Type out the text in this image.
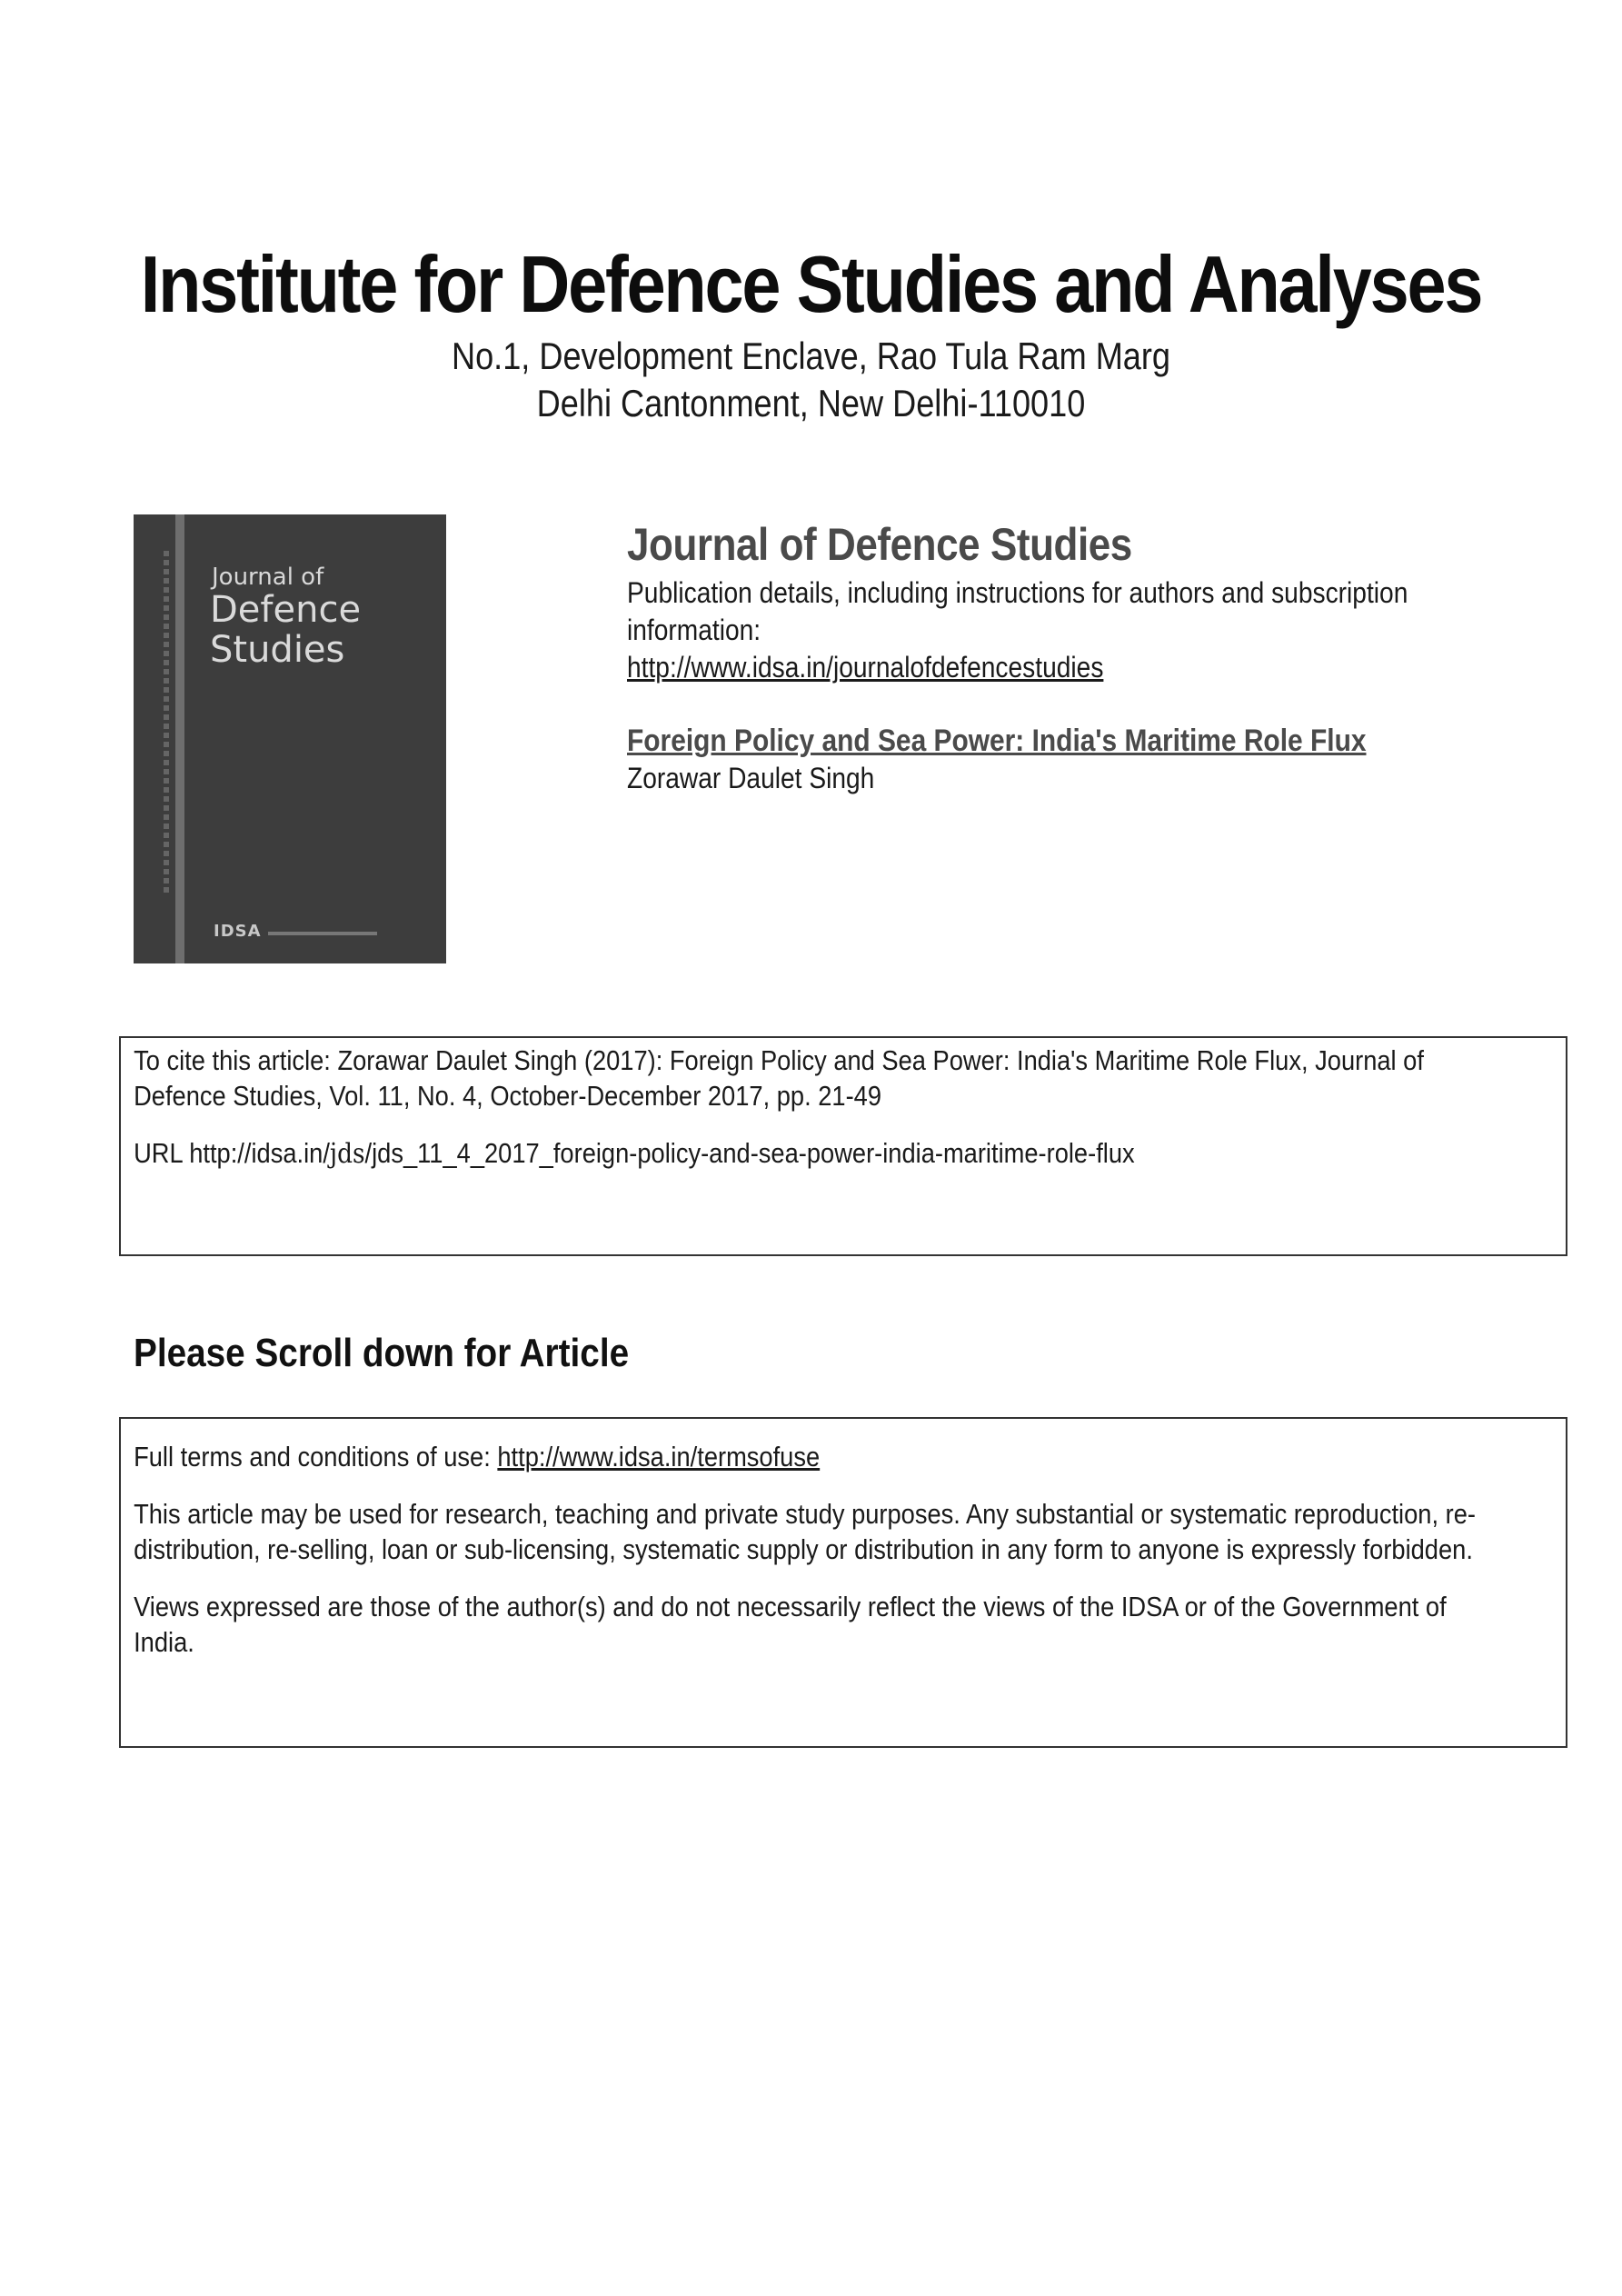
Institute for Defence Studies and Analyses
No.1, Development Enclave, Rao Tula Ram Marg
Delhi Cantonment, New Delhi-110010
Journal of
Defence
Studies
IDSA
Journal of Defence Studies
Publication details, including instructions for authors and subscription
information:
http://www.idsa.in/journalofdefencestudies
Foreign Policy and Sea Power: India's Maritime Role Flux
Zorawar Daulet Singh
To cite this article: Zorawar Daulet Singh (2017): Foreign Policy and Sea Power: India's Maritime Role Flux, Journal of
Defence Studies, Vol. 11, No. 4, October-December 2017, pp. 21-49
URL http://idsa.in/jds/jds_11_4_2017_foreign-policy-and-sea-power-india-maritime-role-flux
Please Scroll down for Article
Full terms and conditions of use: http://www.idsa.in/termsofuse
This article may be used for research, teaching and private study purposes. Any substantial or systematic reproduction, re-
distribution, re-selling, loan or sub-licensing, systematic supply or distribution in any form to anyone is expressly forbidden.
Views expressed are those of the author(s) and do not necessarily reflect the views of the IDSA or of the Government of
India.
